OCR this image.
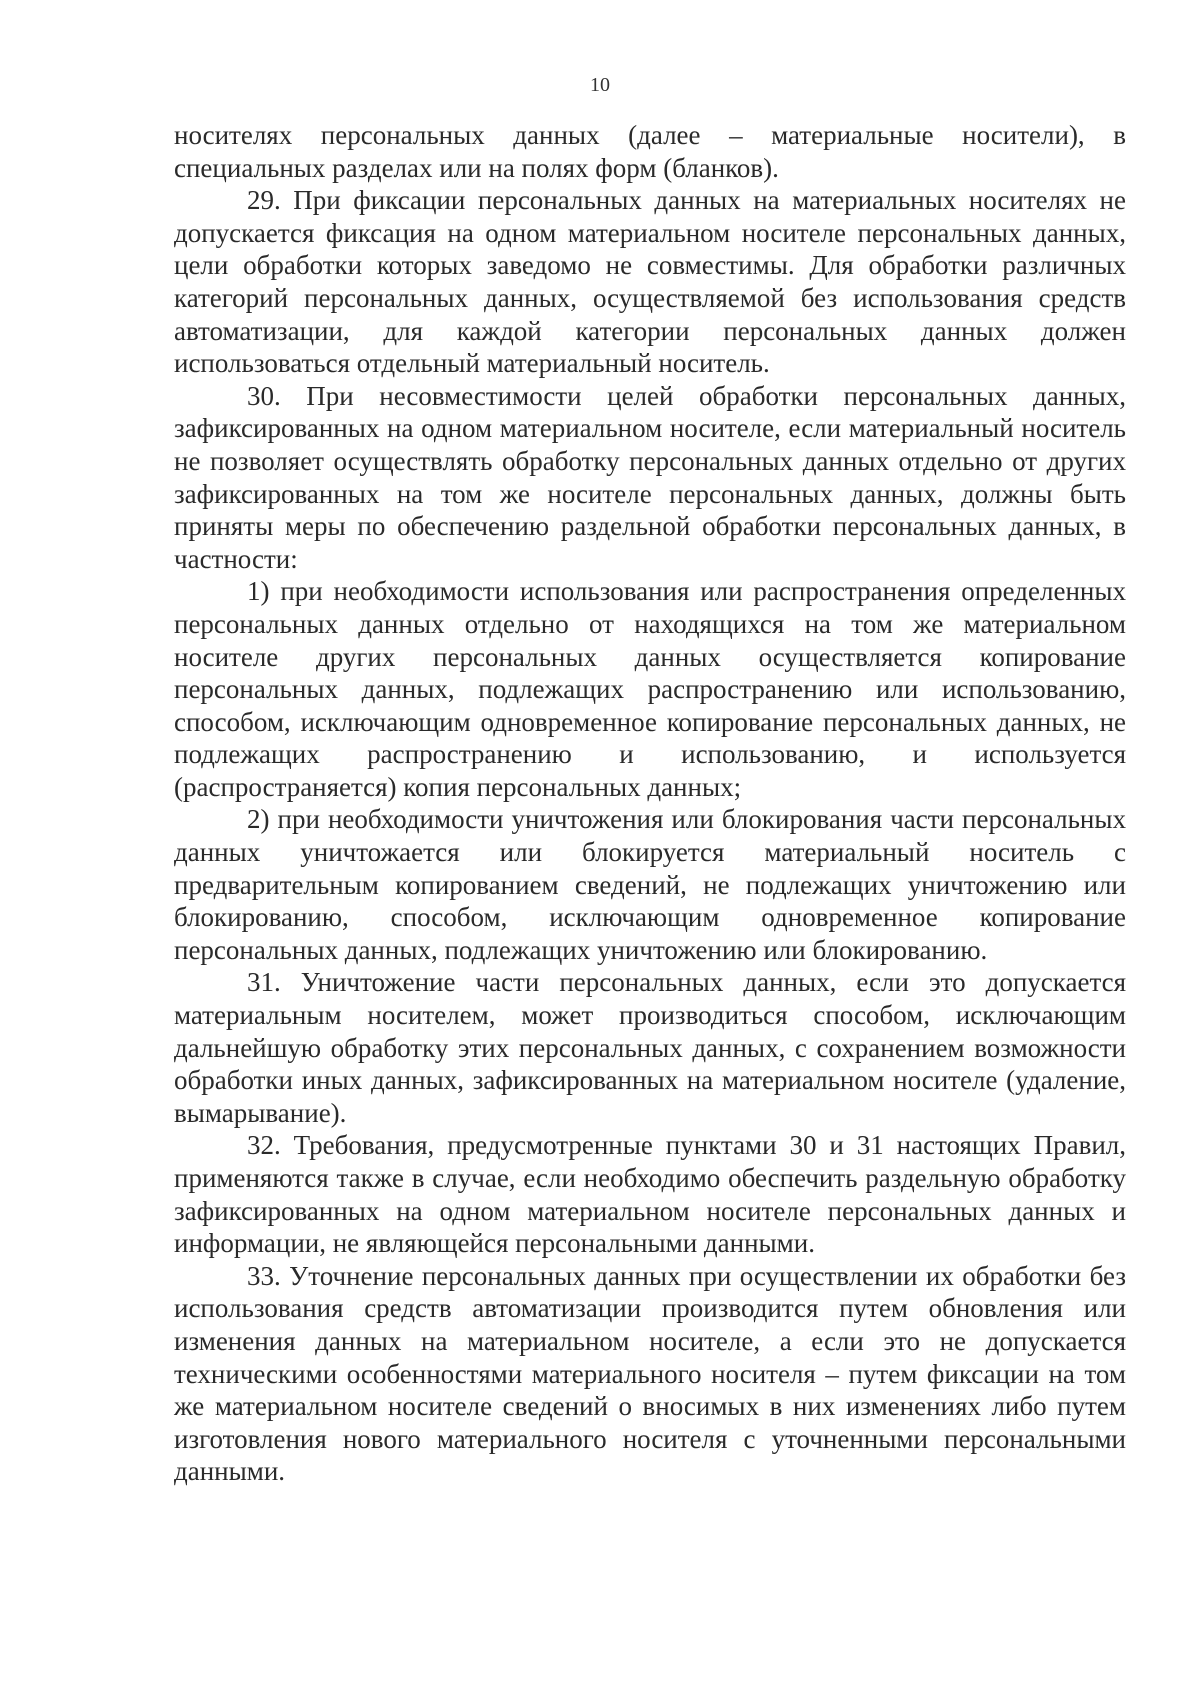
10

носителях персональных данных (далее – материальные носители), в специальных разделах или на полях форм (бланков).

29. При фиксации персональных данных на материальных носителях не допускается фиксация на одном материальном носителе персональных данных, цели обработки которых заведомо не совместимы. Для обработки различных категорий персональных данных, осуществляемой без использования средств автоматизации, для каждой категории персональных данных должен использоваться отдельный материальный носитель.

30. При несовместимости целей обработки персональных данных, зафиксированных на одном материальном носителе, если материальный носитель не позволяет осуществлять обработку персональных данных отдельно от других зафиксированных на том же носителе персональных данных, должны быть приняты меры по обеспечению раздельной обработки персональных данных, в частности:

1) при необходимости использования или распространения определенных персональных данных отдельно от находящихся на том же материальном носителе других персональных данных осуществляется копирование персональных данных, подлежащих распространению или использованию, способом, исключающим одновременное копирование персональных данных, не подлежащих распространению и использованию, и используется (распространяется) копия персональных данных;

2) при необходимости уничтожения или блокирования части персональных данных уничтожается или блокируется материальный носитель с предварительным копированием сведений, не подлежащих уничтожению или блокированию, способом, исключающим одновременное копирование персональных данных, подлежащих уничтожению или блокированию.

31. Уничтожение части персональных данных, если это допускается материальным носителем, может производиться способом, исключающим дальнейшую обработку этих персональных данных, с сохранением возможности обработки иных данных, зафиксированных на материальном носителе (удаление, вымарывание).

32. Требования, предусмотренные пунктами 30 и 31 настоящих Правил, применяются также в случае, если необходимо обеспечить раздельную обработку зафиксированных на одном материальном носителе персональных данных и информации, не являющейся персональными данными.

33. Уточнение персональных данных при осуществлении их обработки без использования средств автоматизации производится путем обновления или изменения данных на материальном носителе, а если это не допускается техническими особенностями материального носителя – путем фиксации на том же материальном носителе сведений о вносимых в них изменениях либо путем изготовления нового материального носителя с уточненными персональными данными.
